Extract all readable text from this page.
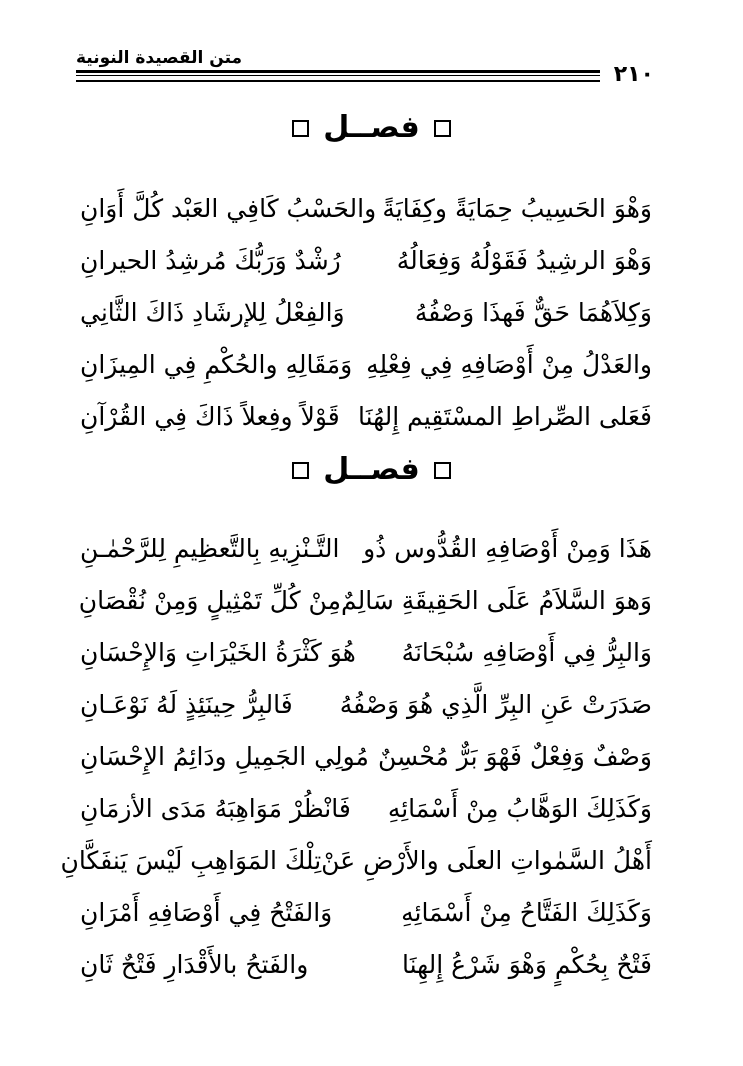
متن القصيدة النونية
٢١٠
فصــل
وَهْوَ الحَسِيبُ حِمَايَةً وكِفَايَةً
والحَسْبُ كَافِي العَبْد كُلَّ أَوَانِ
وَهْوَ الرشِيدُ فَقَوْلُهُ وَفِعَالُهُ
رُشْدٌ وَرَبُّكَ مُرشِدُ الحيرانِ
وَكِلاَهُمَا حَقٌّ فَهذَا وَصْفُهُ
وَالفِعْلُ لِلإرشَادِ ذَاكَ الثَّانِي
والعَدْلُ مِنْ أَوْصَافِهِ فِي فِعْلِهِ
وَمَقَالِهِ والحُكْمِ فِي المِيزَانِ
فَعَلى الصِّراطِ المسْتَقِيم إِلهُنَا
قَوْلاً وفِعلاً ذَاكَ فِي القُرْآنِ
فصــل
هَذَا وَمِنْ أَوْصَافِهِ القُدُّوس ذُو
التَّـنْزِيهِ بِالتَّعظِيمِ لِلرَّحْمٰـنِ
وَهوَ السَّلاَمُ عَلَى الحَقِيقَةِ سَالِمٌ
مِنْ كُلِّ تَمْثِيلٍ وَمِنْ نُقْصَانِ
وَالبِرُّ فِي أَوْصَافِهِ سُبْحَانَهُ
هُوَ كَثْرَةُ الخَيْرَاتِ وَالإِحْسَانِ
صَدَرَتْ عَنِ البِرِّ الَّذِي هُوَ وَصْفُهُ
فَالبِرُّ حِينَئِذٍ لَهُ نَوْعَـانِ
وَصْفٌ وَفِعْلٌ فَهْوَ بَرٌّ مُحْسِنٌ
مُولِي الجَمِيلِ ودَائِمُ الإِحْسَانِ
وَكَذَلِكَ الوَهَّابُ مِنْ أَسْمَائِهِ
فَانْظُرْ مَوَاهِبَهُ مَدَى الأزمَانِ
أَهْلُ السَّمٰواتِ العلَى والأَرْضِ عَنْ
تِلْكَ المَوَاهِبِ لَيْسَ يَنفَكَّانِ
وَكَذَلِكَ الفَتَّاحُ مِنْ أَسْمَائِهِ
وَالفَتْحُ فِي أَوْصَافِهِ أَمْرَانِ
فَتْحٌ بِحُكْمٍ وَهْوَ شَرْعُ إِلهِنَا
والفَتحُ بالأَقْدَارِ فَتْحٌ ثَانِ
